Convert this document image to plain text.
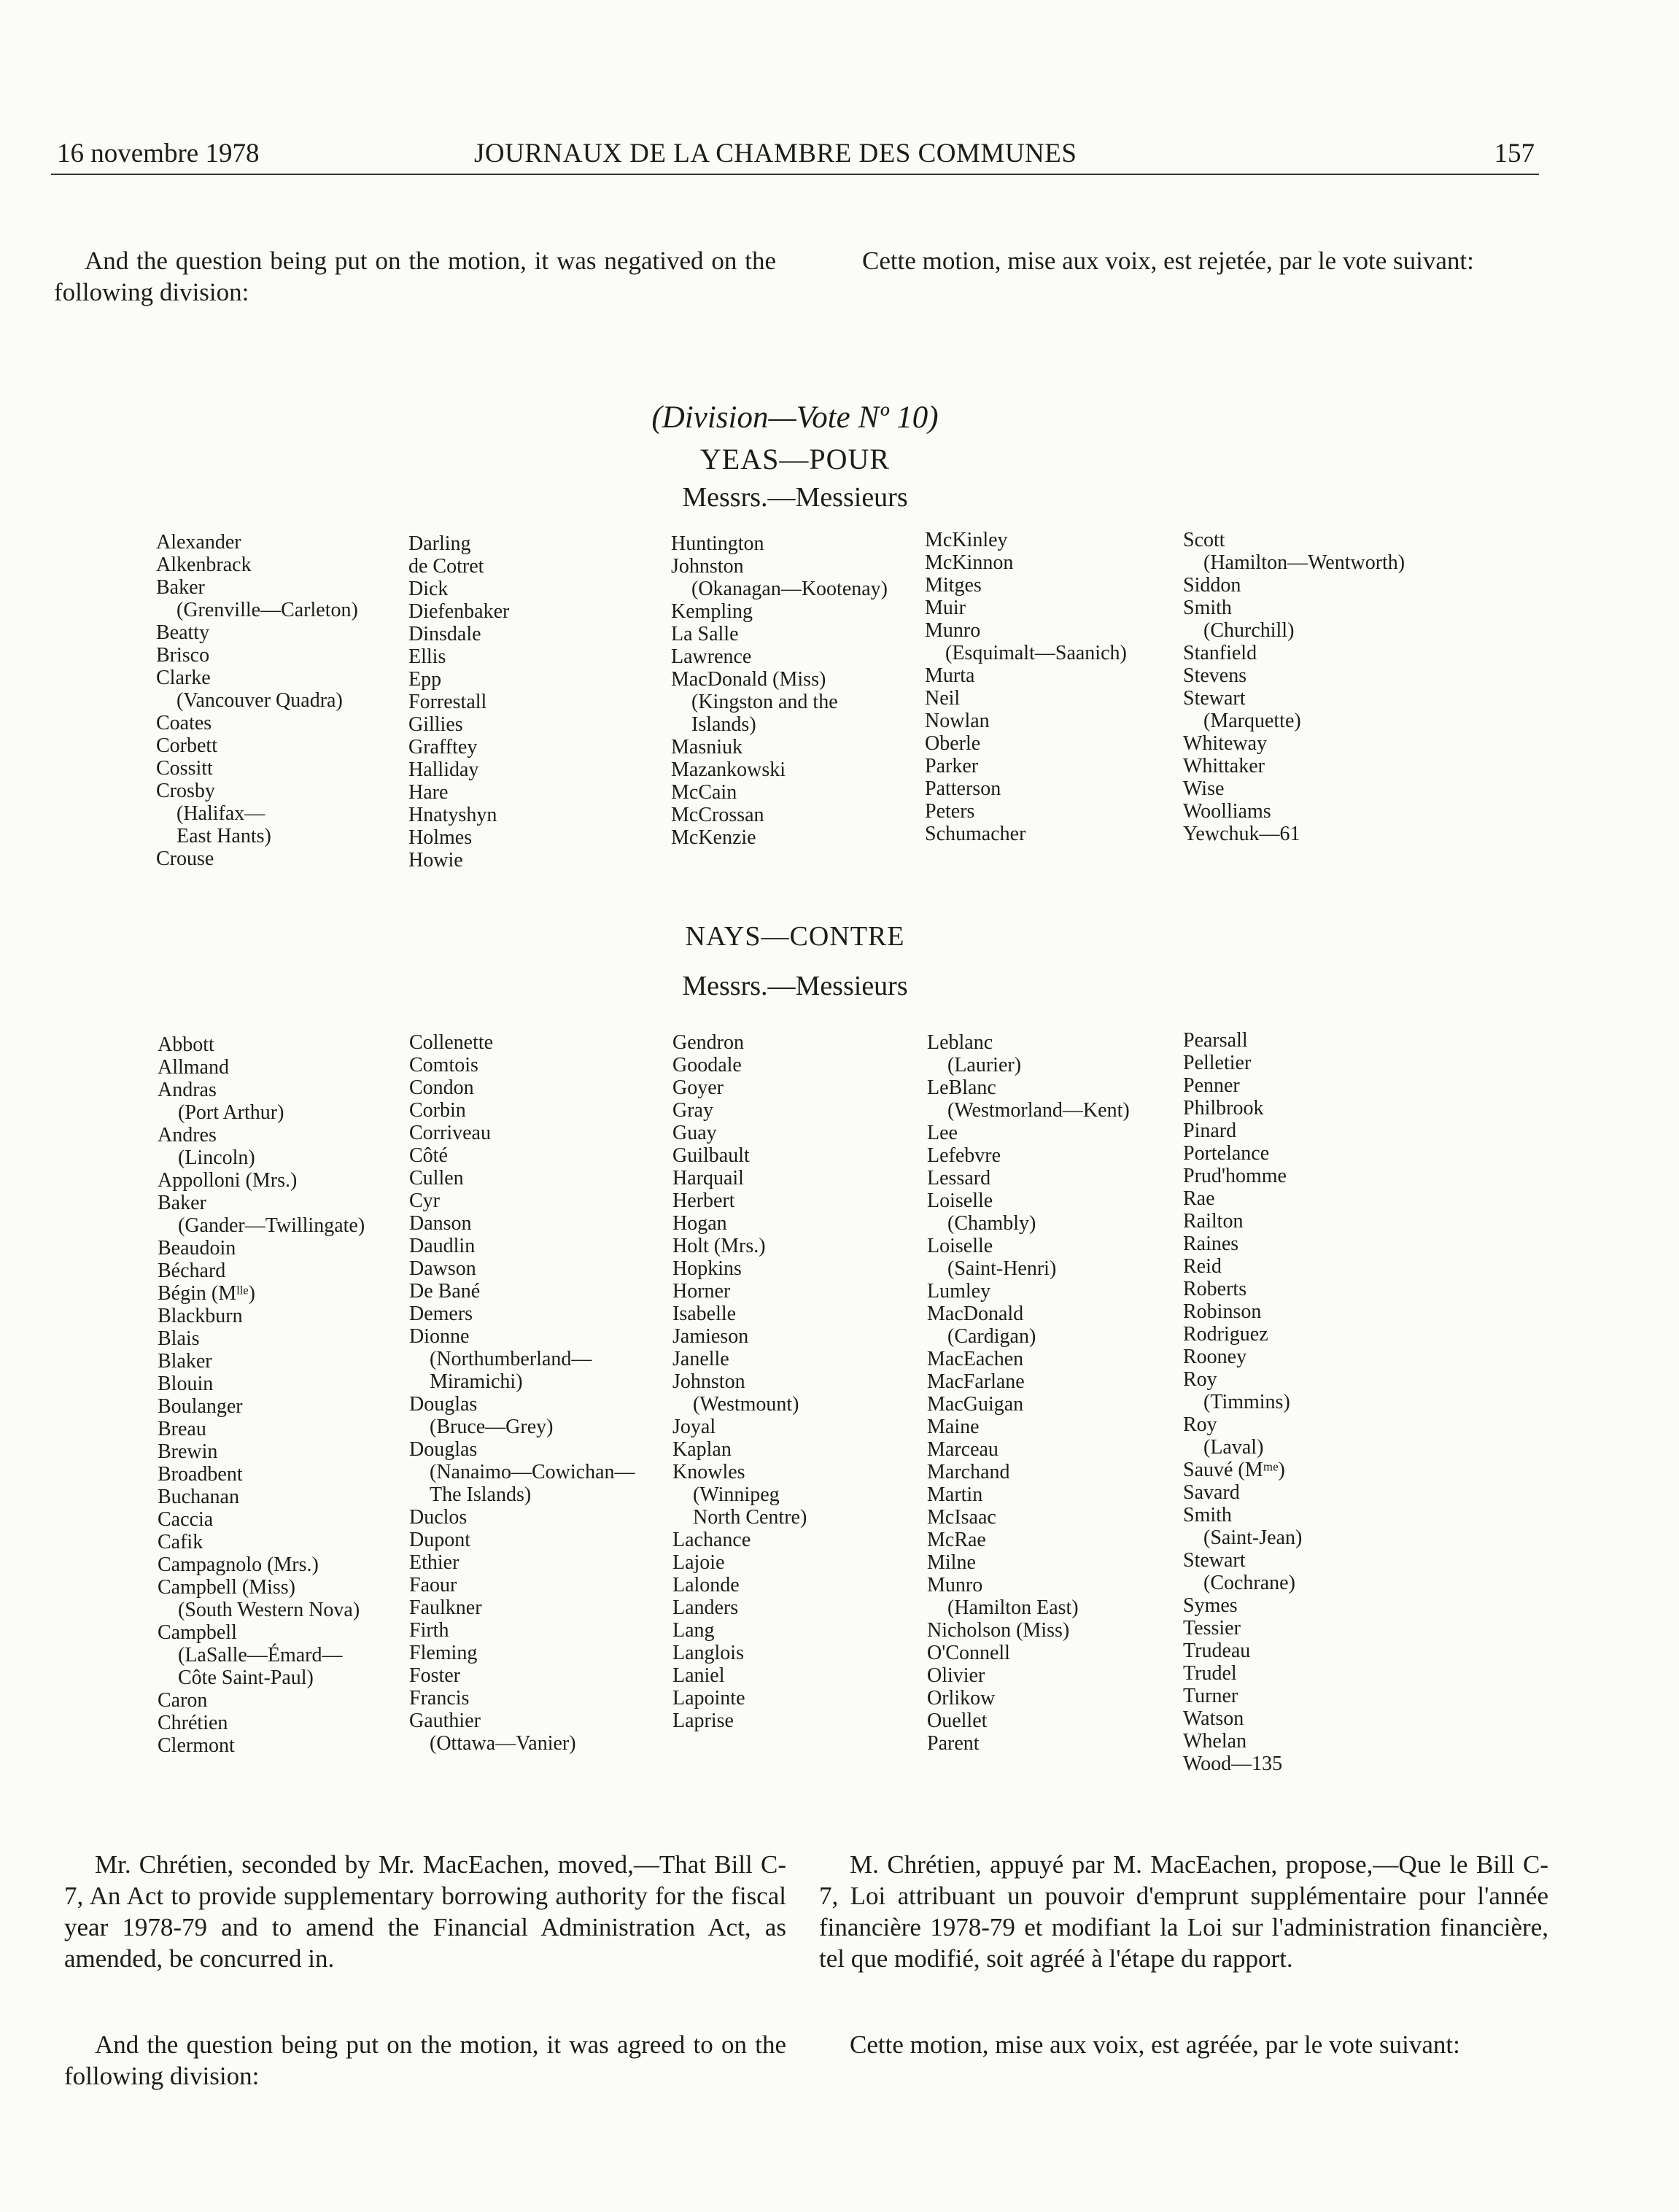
16 novembre 1978	JOURNAUX DE LA CHAMBRE DES COMMUNES	157

And the question being put on the motion, it was negatived on the following division:

Cette motion, mise aux voix, est rejetée, par le vote suivant:

(Division—Vote Nº 10)
YEAS—POUR
Messrs.—Messieurs
Alexander
Alkenbrack
Baker
(Grenville—Carleton)
Beatty
Brisco
Clarke
(Vancouver Quadra)
Coates
Corbett
Cossitt
Crosby
(Halifax—
East Hants)
Crouse
Darling
de Cotret
Dick
Diefenbaker
Dinsdale
Ellis
Epp
Forrestall
Gillies
Grafftey
Halliday
Hare
Hnatyshyn
Holmes
Howie
Huntington
Johnston
(Okanagan—Kootenay)
Kempling
La Salle
Lawrence
MacDonald (Miss)
(Kingston and the
Islands)
Masniuk
Mazankowski
McCain
McCrossan
McKenzie
McKinley
McKinnon
Mitges
Muir
Munro
(Esquimalt—Saanich)
Murta
Neil
Nowlan
Oberle
Parker
Patterson
Peters
Schumacher
Scott
(Hamilton—Wentworth)
Siddon
Smith
(Churchill)
Stanfield
Stevens
Stewart
(Marquette)
Whiteway
Whittaker
Wise
Woolliams
Yewchuk—61
NAYS—CONTRE
Messrs.—Messieurs
Abbott
Allmand
Andras
(Port Arthur)
Andres
(Lincoln)
Appolloni (Mrs.)
Baker
(Gander—Twillingate)
Beaudoin
Béchard
Bégin (Mˡˡᵉ)
Blackburn
Blais
Blaker
Blouin
Boulanger
Breau
Brewin
Broadbent
Buchanan
Caccia
Cafik
Campagnolo (Mrs.)
Campbell (Miss)
(South Western Nova)
Campbell
(LaSalle—Émard—
Côte Saint-Paul)
Caron
Chrétien
Clermont
Collenette
Comtois
Condon
Corbin
Corriveau
Côté
Cullen
Cyr
Danson
Daudlin
Dawson
De Bané
Demers
Dionne
(Northumberland—
Miramichi)
Douglas
(Bruce—Grey)
Douglas
(Nanaimo—Cowichan—
The Islands)
Duclos
Dupont
Ethier
Faour
Faulkner
Firth
Fleming
Foster
Francis
Gauthier
(Ottawa—Vanier)
Gendron
Goodale
Goyer
Gray
Guay
Guilbault
Harquail
Herbert
Hogan
Holt (Mrs.)
Hopkins
Horner
Isabelle
Jamieson
Janelle
Johnston
(Westmount)
Joyal
Kaplan
Knowles
(Winnipeg
North Centre)
Lachance
Lajoie
Lalonde
Landers
Lang
Langlois
Laniel
Lapointe
Laprise
Leblanc
(Laurier)
LeBlanc
(Westmorland—Kent)
Lee
Lefebvre
Lessard
Loiselle
(Chambly)
Loiselle
(Saint-Henri)
Lumley
MacDonald
(Cardigan)
MacEachen
MacFarlane
MacGuigan
Maine
Marceau
Marchand
Martin
McIsaac
McRae
Milne
Munro
(Hamilton East)
Nicholson (Miss)
O'Connell
Olivier
Orlikow
Ouellet
Parent
Pearsall
Pelletier
Penner
Philbrook
Pinard
Portelance
Prud'homme
Rae
Railton
Raines
Reid
Roberts
Robinson
Rodriguez
Rooney
Roy
(Timmins)
Roy
(Laval)
Sauvé (Mᵐᵉ)
Savard
Smith
(Saint-Jean)
Stewart
(Cochrane)
Symes
Tessier
Trudeau
Trudel
Turner
Watson
Whelan
Wood—135

Mr. Chrétien, seconded by Mr. MacEachen, moved,—That Bill C-7, An Act to provide supplementary borrowing authority for the fiscal year 1978-79 and to amend the Financial Administration Act, as amended, be concurred in.

M. Chrétien, appuyé par M. MacEachen, propose,—Que le Bill C-7, Loi attribuant un pouvoir d'emprunt supplémentaire pour l'année financière 1978-79 et modifiant la Loi sur l'administration financière, tel que modifié, soit agréé à l'étape du rapport.

And the question being put on the motion, it was agreed to on the following division:

Cette motion, mise aux voix, est agréée, par le vote suivant:
